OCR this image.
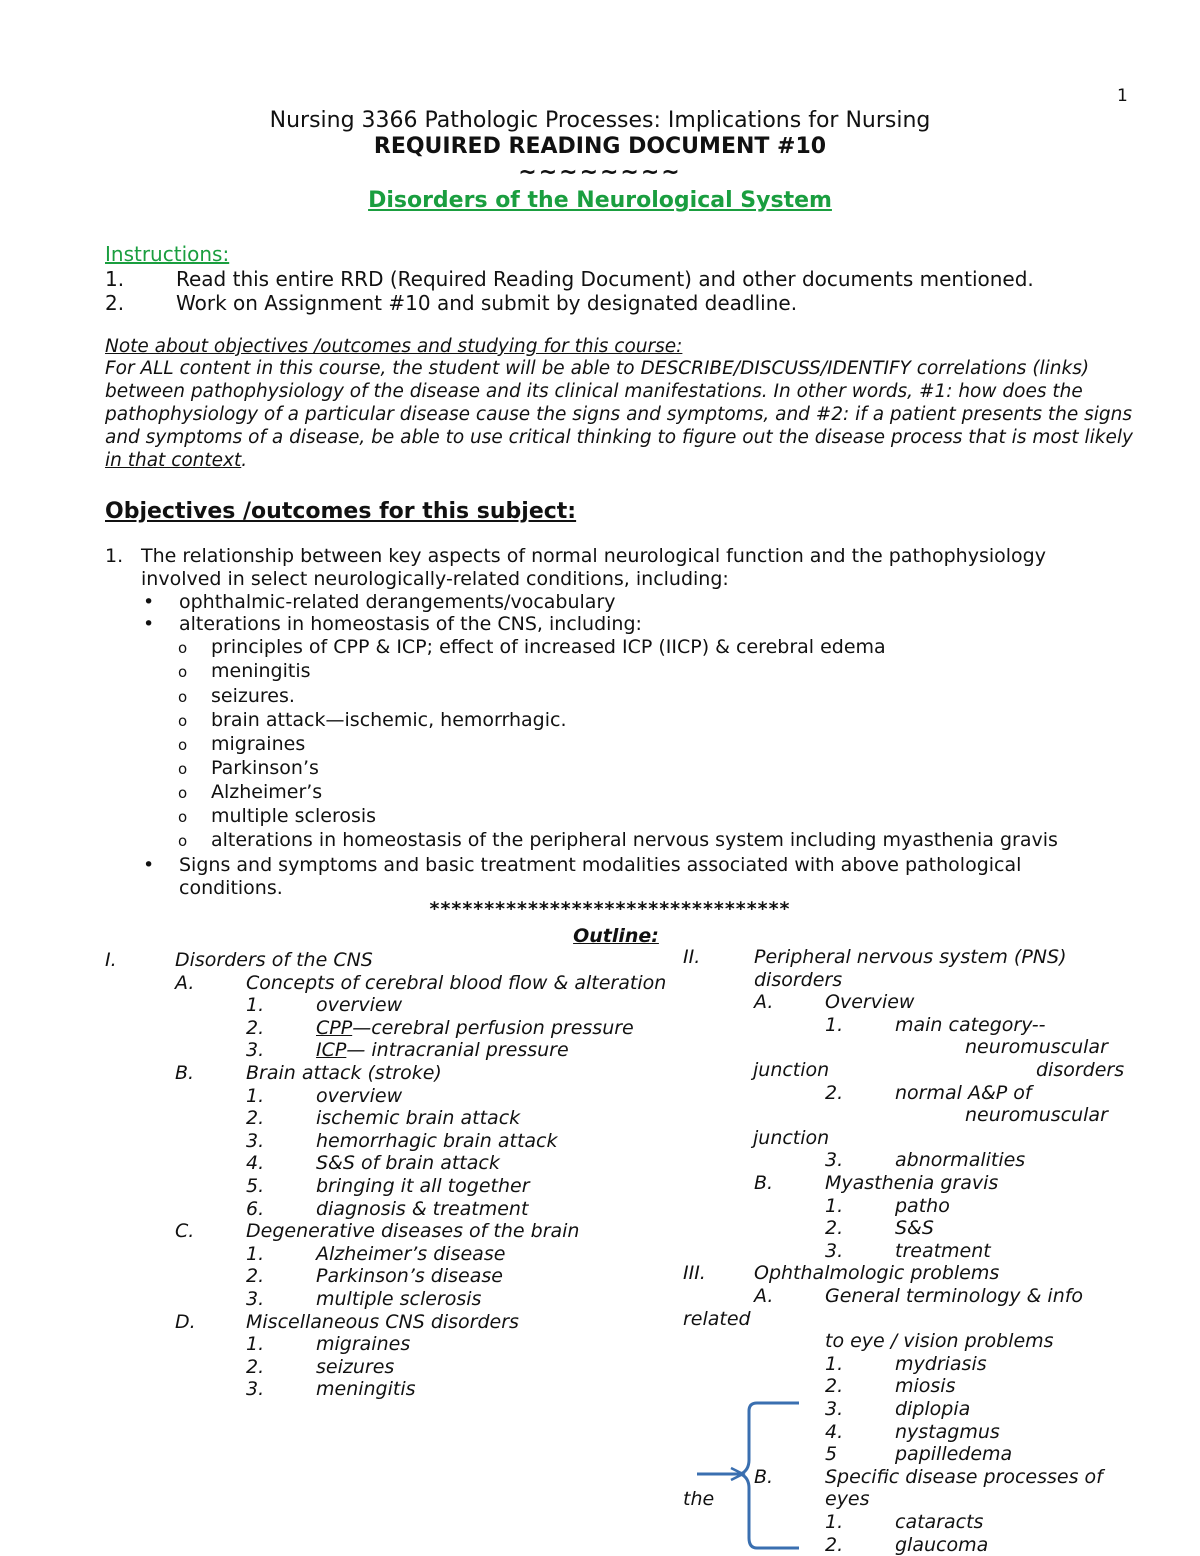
1
Nursing 3366 Pathologic Processes: Implications for Nursing
REQUIRED READING DOCUMENT #10
~~~~~~~~
Disorders of the Neurological System
Instructions:
1.	Read this entire RRD (Required Reading Document) and other documents mentioned.
2.	Work on Assignment #10 and submit by designated deadline.
Note about objectives /outcomes and studying for this course:
For ALL content in this course, the student will be able to DESCRIBE/DISCUSS/IDENTIFY correlations (links) between pathophysiology of the disease and its clinical manifestations. In other words, #1: how does the pathophysiology of a particular disease cause the signs and symptoms, and #2: if a patient presents the signs and symptoms of a disease, be able to use critical thinking to figure out the disease process that is most likely in that context.
Objectives /outcomes for this subject:
1. The relationship between key aspects of normal neurological function and the pathophysiology
involved in select neurologically-related conditions, including:
• ophthalmic-related derangements/vocabulary
• alterations in homeostasis of the CNS, including:
o principles of CPP & ICP; effect of increased ICP (IICP) & cerebral edema
o meningitis
o seizures.
o brain attack—ischemic, hemorrhagic.
o migraines
o Parkinson’s
o Alzheimer’s
o multiple sclerosis
o alterations in homeostasis of the peripheral nervous system including myasthenia gravis
• Signs and symptoms and basic treatment modalities associated with above pathological
conditions.
*********************************
Outline:
I.	Disorders of the CNS
A.	Concepts of cerebral blood flow & alteration
1.	overview
2.	CPP—cerebral perfusion pressure
3.	ICP— intracranial pressure
B.	Brain attack (stroke)
1.	overview
2.	ischemic brain attack
3.	hemorrhagic brain attack
4.	S&S of brain attack
5.	bringing it all together
6.	diagnosis & treatment
C.	Degenerative diseases of the brain
1.	Alzheimer’s disease
2.	Parkinson’s disease
3.	multiple sclerosis
D.	Miscellaneous CNS disorders
1.	migraines
2.	seizures
3.	meningitis
II.	Peripheral nervous system (PNS)
disorders
A.	Overview
1.	main category--
neuromuscular
junction	disorders
2.	normal A&P of
neuromuscular
junction
3.	abnormalities
B.	Myasthenia gravis
1.	patho
2.	S&S
3.	treatment
III.	Ophthalmologic problems
A.	General terminology & info
related
to eye / vision problems
1.	mydriasis
2.	miosis
3.	diplopia
4.	nystagmus
5	papilledema
B.	Specific disease processes of
the	eyes
1.	cataracts
2.	glaucoma
